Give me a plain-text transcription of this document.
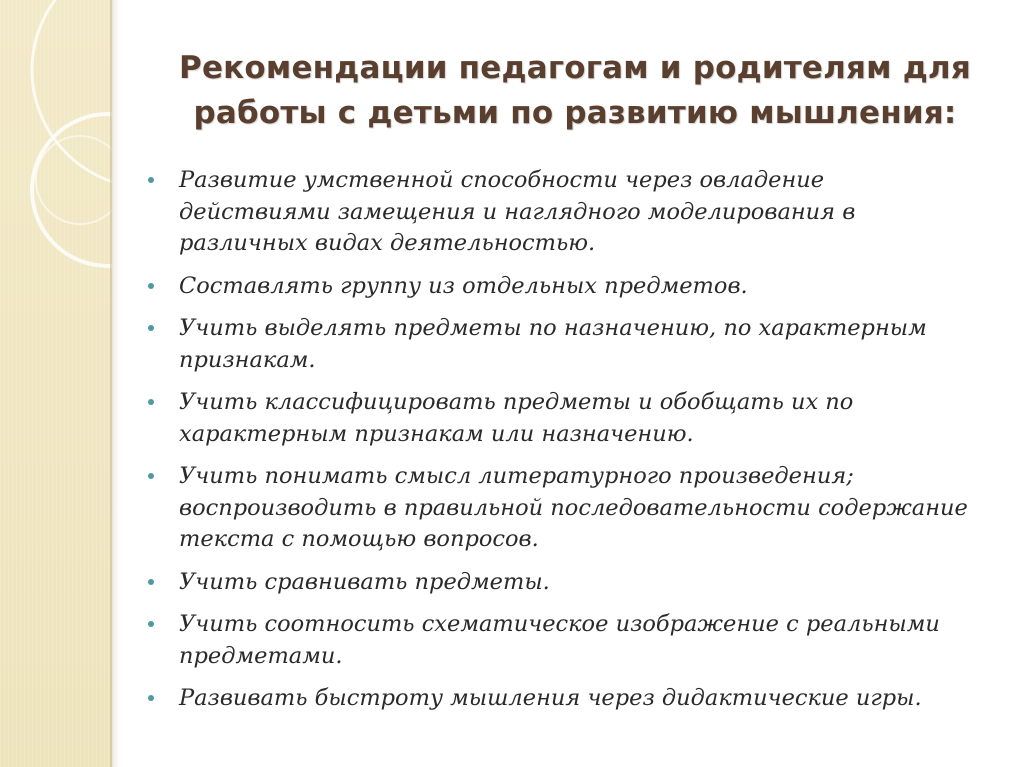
Рекомендации педагогам и родителям для работы с детьми по развитию мышления:
Развитие умственной способности через овладение действиями замещения и наглядного моделирования в различных видах деятельностью.
Составлять группу из отдельных предметов.
Учить выделять предметы по назначению, по характерным признакам.
Учить классифицировать предметы и обобщать их по характерным признакам или назначению.
Учить понимать смысл литературного произведения; воспроизводить в правильной последовательности содержание текста с помощью вопросов.
Учить сравнивать предметы.
Учить соотносить схематическое изображение с реальными предметами.
Развивать быстроту мышления через дидактические игры.
